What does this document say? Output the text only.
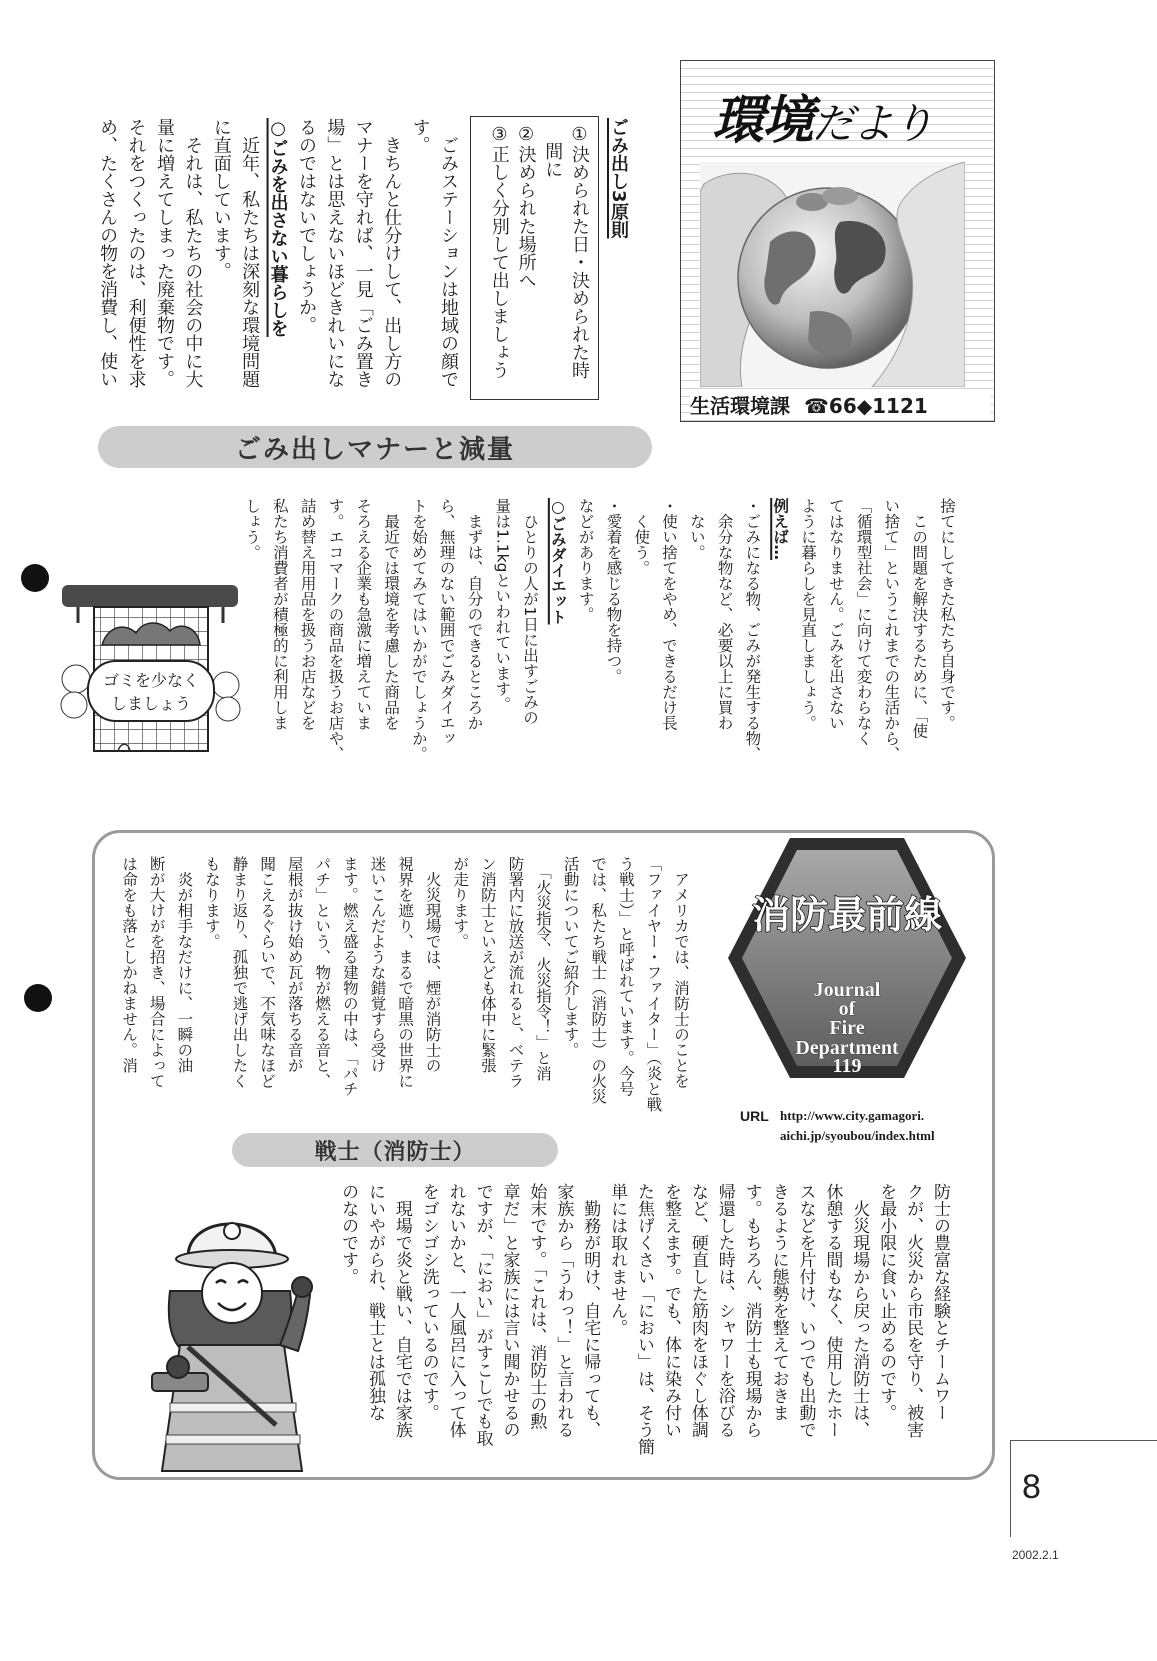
環境だより
生活環境課 ☎66◆1121
ごみ出し3原則
①決められた日・決められた時
　間に
②決められた場所へ
③正しく分別して出しましょう
　ごみステーションは地域の顔で
す。
　きちんと仕分けして、出し方の
マナーを守れば、一見「ごみ置き
場」とは思えないほどきれいにな
るのではないでしょうか。
○ごみを出さない暮らしを
　近年、私たちは深刻な環境問題
に直面しています。
　それは、私たちの社会の中に大
量に増えてしまった廃棄物です。
それをつくったのは、利便性を求
め、たくさんの物を消費し、使い
ごみ出しマナーと減量
捨てにしてきた私たち自身です。
　この問題を解決するために、「使
い捨て」というこれまでの生活から、
「循環型社会」に向けて変わらなく
てはなりません。ごみを出さない
ように暮らしを見直しましょう。
例えば…
・ごみになる物、ごみが発生する物、
　余分な物など、必要以上に買わ
　ない。
・使い捨てをやめ、できるだけ長
　く使う。
・愛着を感じる物を持つ。
などがあります。
○ごみダイエット
　ひとりの人が1日に出すごみの
量は1.1kgといわれています。
　まずは、自分のできるところか
ら、無理のない範囲でごみダイエッ
トを始めてみてはいかがでしょうか。
　最近では環境を考慮した商品を
そろえる企業も急激に増えていま
す。エコマークの商品を扱うお店や、
詰め替え用用品を扱うお店などを
私たち消費者が積極的に利用しま
しょう。
ゴミを少なく
しましょう
消防最前線
Journal
of
Fire
Department
119
URL http://www.city.gamagori.
aichi.jp/syoubou/index.html
　アメリカでは、消防士のことを
「ファイヤー・ファイター」（炎と戦
う戦士）」と呼ばれています。今号
では、私たち戦士（消防士）の火災
活動についてご紹介します。
　「火災指令、火災指令！」と消
防署内に放送が流れると、ベテラ
ン消防士といえども体中に緊張
が走ります。
　火災現場では、煙が消防士の
視界を遮り、まるで暗黒の世界に
迷いこんだような錯覚すら受け
ます。燃え盛る建物の中は、「パチ
パチ」という、物が燃える音と、
屋根が抜け始め瓦が落ちる音が
聞こえるぐらいで、不気味なほど
静まり返り、孤独で逃げ出したく
もなります。
　炎が相手なだけに、一瞬の油
断が大けがを招き、場合によって
は命をも落としかねません。消
戦士（消防士）
防士の豊富な経験とチームワー
クが、火災から市民を守り、被害
を最小限に食い止めるのです。
　火災現場から戻った消防士は、
休憩する間もなく、使用したホー
スなどを片付け、いつでも出動で
きるように態勢を整えておきま
す。もちろん、消防士も現場から
帰還した時は、シャワーを浴びる
など、硬直した筋肉をほぐし体調
を整えます。でも、体に染み付い
た焦げくさい「におい」は、そう簡
単には取れません。
　勤務が明け、自宅に帰っても、
家族から「うわっ！」と言われる
始末です。「これは、消防士の勲
章だ」と家族には言い聞かせるの
ですが、「におい」がすこしでも取
れないかと、一人風呂に入って体
をゴシゴシ洗っているのです。
　現場で炎と戦い、自宅では家族
にいやがられ、戦士とは孤独な
のなのです。
8
2002.2.1
